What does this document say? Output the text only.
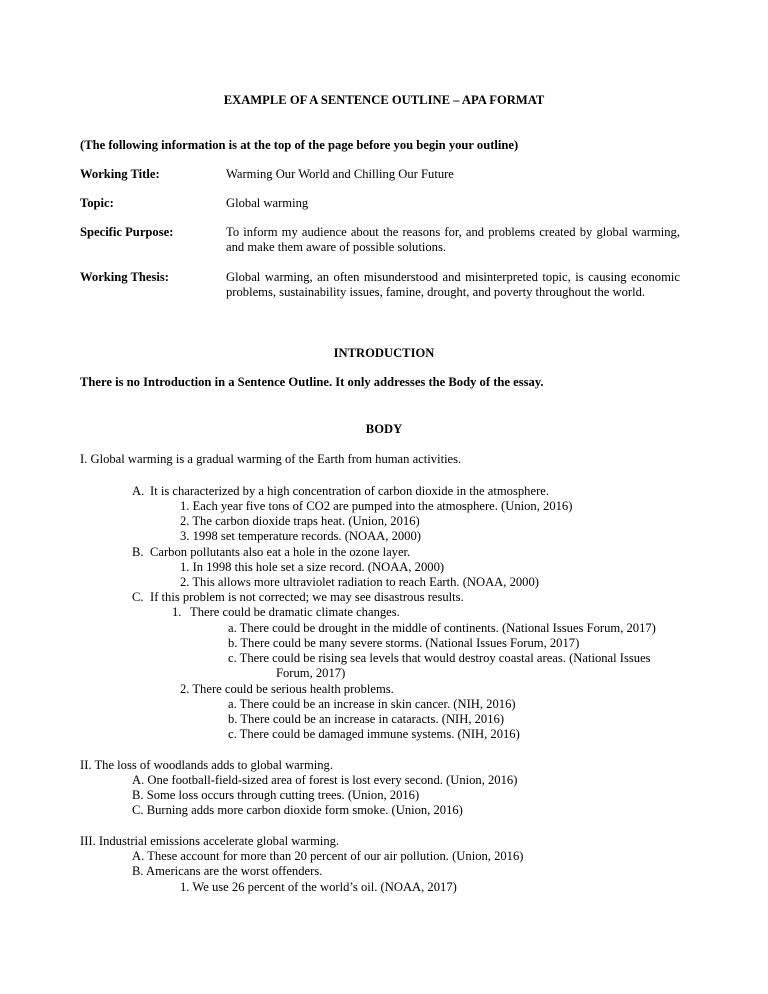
EXAMPLE OF A SENTENCE OUTLINE – APA FORMAT
(The following information is at the top of the page before you begin your outline)
Working Title:	Warming Our World and Chilling Our Future
Topic:	Global warming
Specific Purpose:	To inform my audience about the reasons for, and problems created by global warming, and make them aware of possible solutions.
Working Thesis:	Global warming, an often misunderstood and misinterpreted topic, is causing economic problems, sustainability issues, famine, drought, and poverty throughout the world.
INTRODUCTION
There is no Introduction in a Sentence Outline. It only addresses the Body of the essay.
BODY
I. Global warming is a gradual warming of the Earth from human activities.
A. It is characterized by a high concentration of carbon dioxide in the atmosphere.
1. Each year five tons of CO2 are pumped into the atmosphere. (Union, 2016)
2. The carbon dioxide traps heat. (Union, 2016)
3. 1998 set temperature records. (NOAA, 2000)
B. Carbon pollutants also eat a hole in the ozone layer.
1. In 1998 this hole set a size record. (NOAA, 2000)
2. This allows more ultraviolet radiation to reach Earth. (NOAA, 2000)
C. If this problem is not corrected; we may see disastrous results.
1. There could be dramatic climate changes.
a. There could be drought in the middle of continents. (National Issues Forum, 2017)
b. There could be many severe storms. (National Issues Forum, 2017)
c. There could be rising sea levels that would destroy coastal areas. (National Issues
Forum, 2017)
2. There could be serious health problems.
a. There could be an increase in skin cancer. (NIH, 2016)
b. There could be an increase in cataracts. (NIH, 2016)
c. There could be damaged immune systems. (NIH, 2016)
II. The loss of woodlands adds to global warming.
A. One football-field-sized area of forest is lost every second. (Union, 2016)
B. Some loss occurs through cutting trees. (Union, 2016)
C. Burning adds more carbon dioxide form smoke. (Union, 2016)
III. Industrial emissions accelerate global warming.
A. These account for more than 20 percent of our air pollution. (Union, 2016)
B. Americans are the worst offenders.
1. We use 26 percent of the world’s oil. (NOAA, 2017)
